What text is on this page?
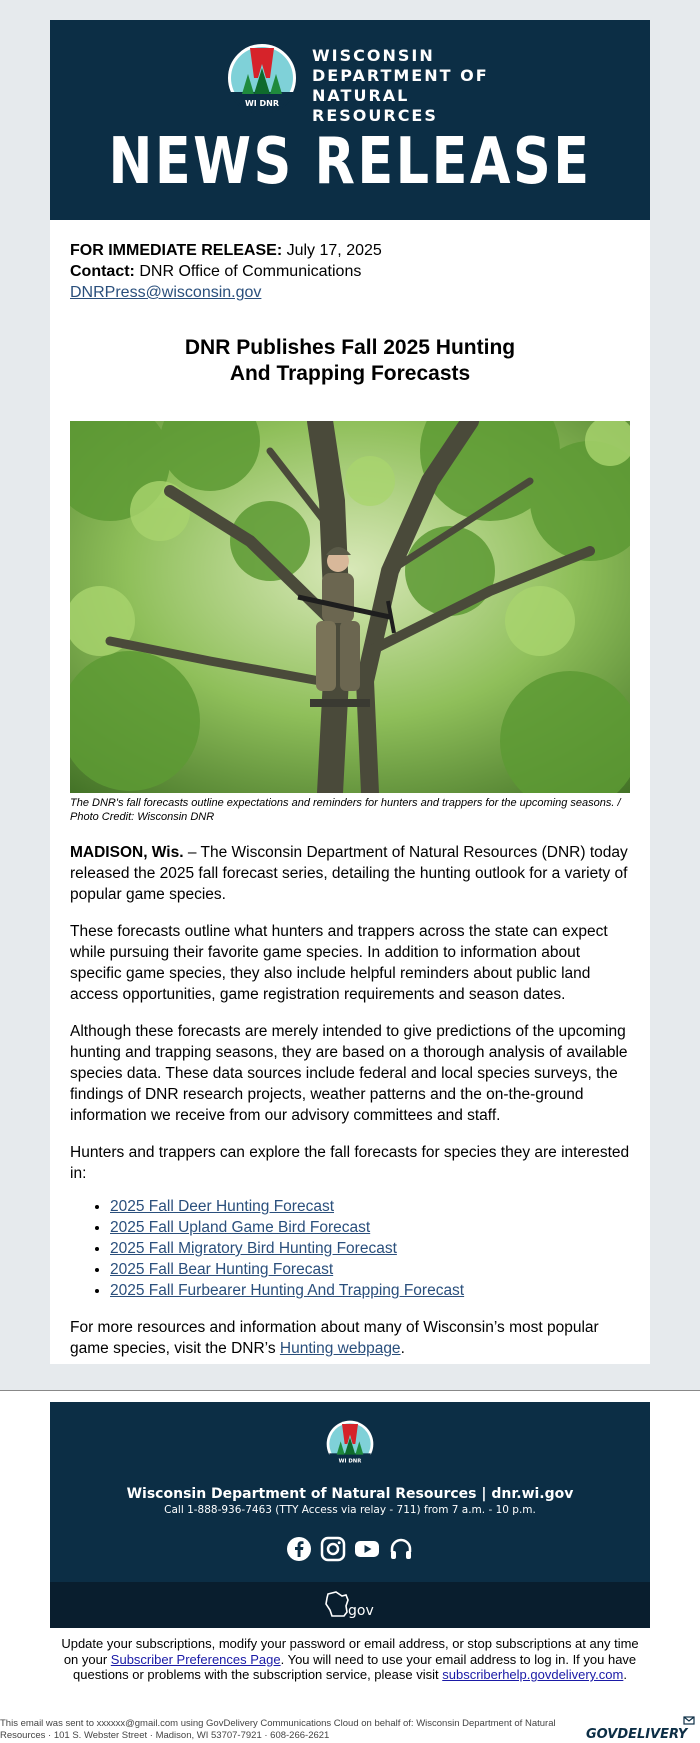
WI DNR
WISCONSIN
DEPARTMENT OF
NATURAL RESOURCES
NEWS RELEASE
FOR IMMEDIATE RELEASE: July 17, 2025
Contact: DNR Office of Communications
DNRPress@wisconsin.gov
DNR Publishes Fall 2025 Hunting
And Trapping Forecasts
The DNR's fall forecasts outline expectations and reminders for hunters and trappers for the upcoming seasons. / Photo Credit: Wisconsin DNR

MADISON, Wis. – The Wisconsin Department of Natural Resources (DNR) today released the 2025 fall forecast series, detailing the hunting outlook for a variety of popular game species.

These forecasts outline what hunters and trappers across the state can expect while pursuing their favorite game species. In addition to information about specific game species, they also include helpful reminders about public land access opportunities, game registration requirements and season dates.

Although these forecasts are merely intended to give predictions of the upcoming hunting and trapping seasons, they are based on a thorough analysis of available species data. These data sources include federal and local species surveys, the findings of DNR research projects, weather patterns and the on-the-ground information we receive from our advisory committees and staff.

Hunters and trappers can explore the fall forecasts for species they are interested in:

• 2025 Fall Deer Hunting Forecast
• 2025 Fall Upland Game Bird Forecast
• 2025 Fall Migratory Bird Hunting Forecast
• 2025 Fall Bear Hunting Forecast
• 2025 Fall Furbearer Hunting And Trapping Forecast

For more resources and information about many of Wisconsin’s most popular game species, visit the DNR’s Hunting webpage.

WI DNR
Wisconsin Department of Natural Resources | dnr.wi.gov
Call 1-888-936-7463 (TTY Access via relay - 711) from 7 a.m. - 10 p.m.
gov
Update your subscriptions, modify your password or email address, or stop subscriptions at any time on your Subscriber Preferences Page. You will need to use your email address to log in. If you have questions or problems with the subscription service, please visit subscriberhelp.govdelivery.com.
This email was sent to xxxxxx@gmail.com using GovDelivery Communications Cloud on behalf of: Wisconsin Department of Natural Resources · 101 S. Webster Street · Madison, WI 53707-7921 · 608-266-2621	GOVDELIVERY
